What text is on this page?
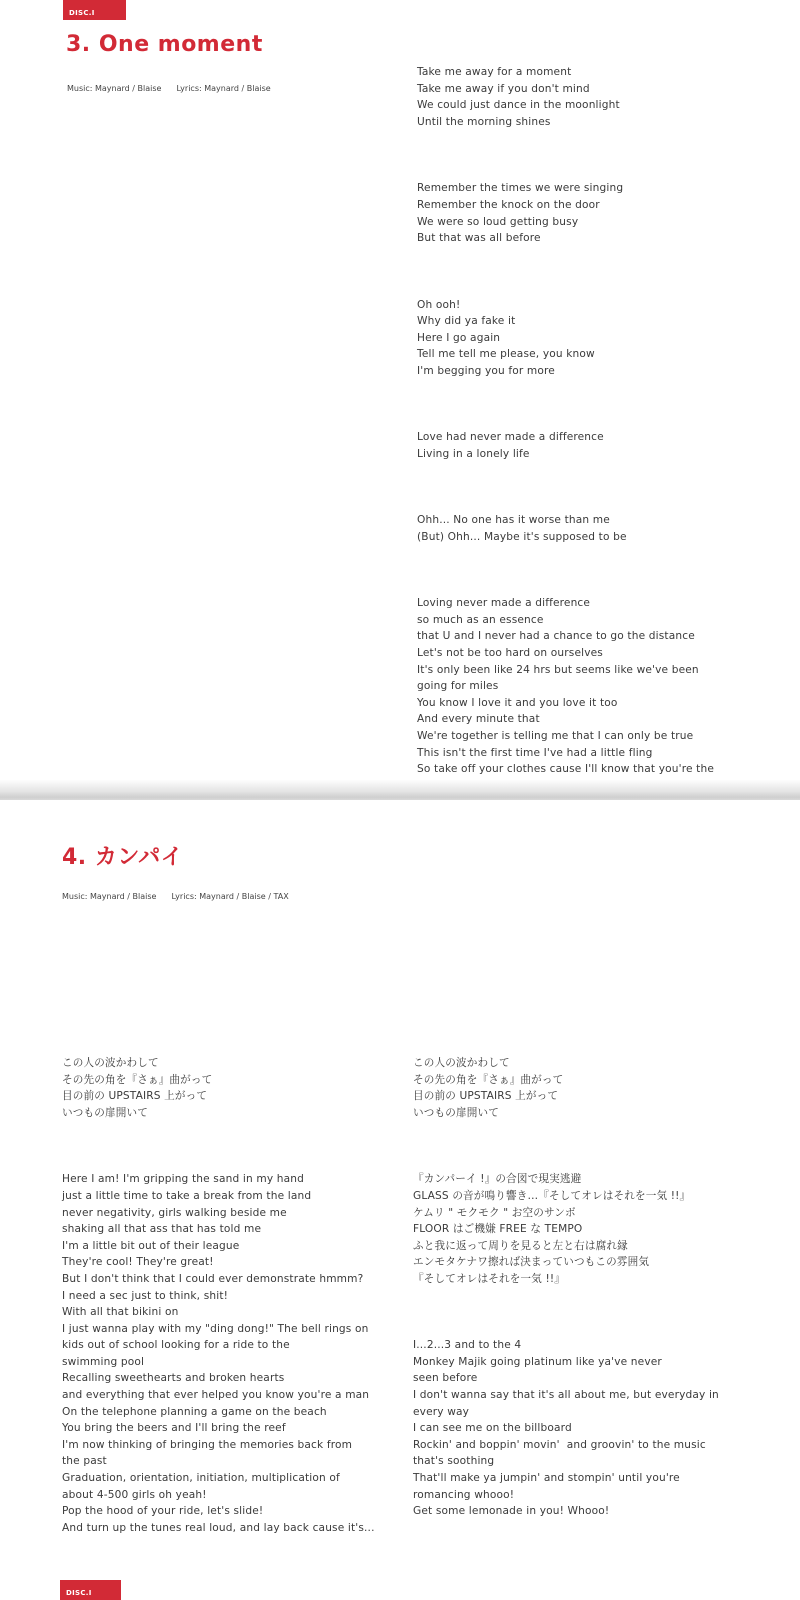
DISC.I
3. One moment
Music: Maynard / Blaise Lyrics: Maynard / Blaise

Take me away for a moment
Take me away if you don't mind
We could just dance in the moonlight
Until the morning shines

Remember the times we were singing
Remember the knock on the door
We were so loud getting busy
But that was all before

Oh ooh!
Why did ya fake it
Here I go again
Tell me tell me please, you know
I'm begging you for more

Love had never made a difference
Living in a lonely life

Ohh... No one has it worse than me
(But) Ohh... Maybe it's supposed to be

Loving never made a difference
so much as an essence
that U and I never had a chance to go the distance
Let's not be too hard on ourselves
It's only been like 24 hrs but seems like we've been
going for miles
You know I love it and you love it too
And every minute that
We're together is telling me that I can only be true
This isn't the first time I've had a little fling
So take off your clothes cause I'll know that you're the

4. カンパイ
Music: Maynard / Blaise Lyrics: Maynard / Blaise / TAX

この人の波かわして
その先の角を『さぁ』曲がって
目の前の UPSTAIRS 上がって
いつもの扉開いて

Here I am! I'm gripping the sand in my hand
just a little time to take a break from the land
never negativity, girls walking beside me
shaking all that ass that has told me
I'm a little bit out of their league
They're cool! They're great!
But I don't think that I could ever demonstrate hmmm?
I need a sec just to think, shit!
With all that bikini on
I just wanna play with my "ding dong!" The bell rings on
kids out of school looking for a ride to the
swimming pool
Recalling sweethearts and broken hearts
and everything that ever helped you know you're a man
On the telephone planning a game on the beach
You bring the beers and I'll bring the reef
I'm now thinking of bringing the memories back from
the past
Graduation, orientation, initiation, multiplication of
about 4-500 girls oh yeah!
Pop the hood of your ride, let's slide!
And turn up the tunes real loud, and lay back cause it's...

この人の波かわして
その先の角を『さぁ』曲がって
目の前の UPSTAIRS 上がって
いつもの扉開いて

『カンパーイ !』の合図で現実逃避
GLASS の音が鳴り響き…『そしてオレはそれを一気 !!』
ケムリ " モクモク " お空のサンボ
FLOOR はご機嫌 FREE な TEMPO
ふと我に返って周りを見ると左と右は腐れ縁
エンモタケナワ擦れば決まっていつもこの雰囲気
『そしてオレはそれを一気 !!』

I...2...3 and to the 4
Monkey Majik going platinum like ya've never
seen before
I don't wanna say that it's all about me, but everyday in
every way
I can see me on the billboard
Rockin' and boppin' movin'  and groovin' to the music
that's soothing
That'll make ya jumpin' and stompin' until you're
romancing whooo!
Get some lemonade in you! Whooo!

DISC.I
